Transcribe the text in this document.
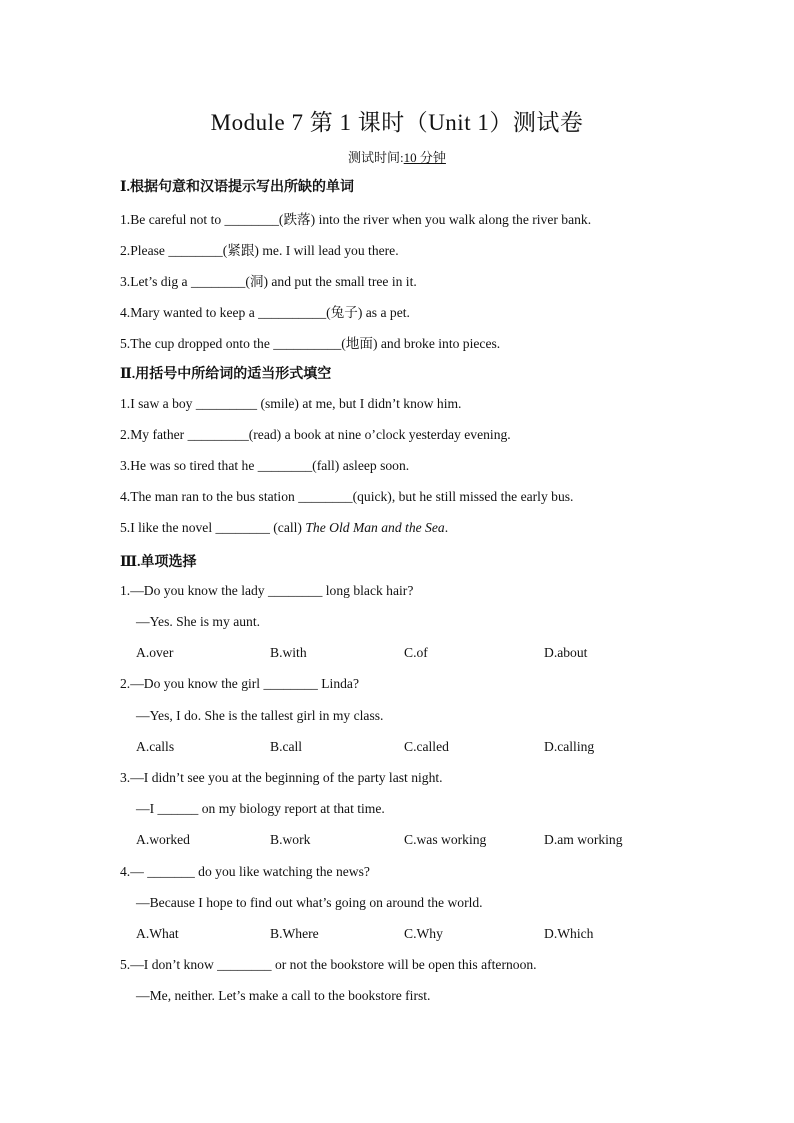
Module 7 第 1 课时（Unit 1）测试卷
测试时间:10 分钟
Ⅰ.根据句意和汉语提示写出所缺的单词
1.Be careful not to ________(跌落) into the river when you walk along the river bank.
2.Please ________(紧跟) me. I will lead you there.
3.Let’s dig a ________(洞) and put the small tree in it.
4.Mary wanted to keep a __________(兔子) as a pet.
5.The cup dropped onto the __________(地面) and broke into pieces.
Ⅱ.用括号中所给词的适当形式填空
1.I saw a boy _________ (smile) at me, but I didn’t know him.
2.My father _________(read) a book at nine o’clock yesterday evening.
3.He was so tired that he ________(fall) asleep soon.
4.The man ran to the bus station ________(quick), but he still missed the early bus.
5.I like the novel ________ (call) The Old Man and the Sea.
Ⅲ.单项选择
1.—Do you know the lady ________ long black hair?
—Yes. She is my aunt.
A.over	B.with	C.of	D.about
2.—Do you know the girl ________ Linda?
—Yes, I do. She is the tallest girl in my class.
A.calls	B.call	C.called	D.calling
3.—I didn’t see you at the beginning of the party last night.
—I ______ on my biology report at that time.
A.worked	B.work	C.was working	D.am working
4.— _______ do you like watching the news?
—Because I hope to find out what’s going on around the world.
A.What	B.Where	C.Why	D.Which
5.—I don’t know ________ or not the bookstore will be open this afternoon.
—Me, neither. Let’s make a call to the bookstore first.
